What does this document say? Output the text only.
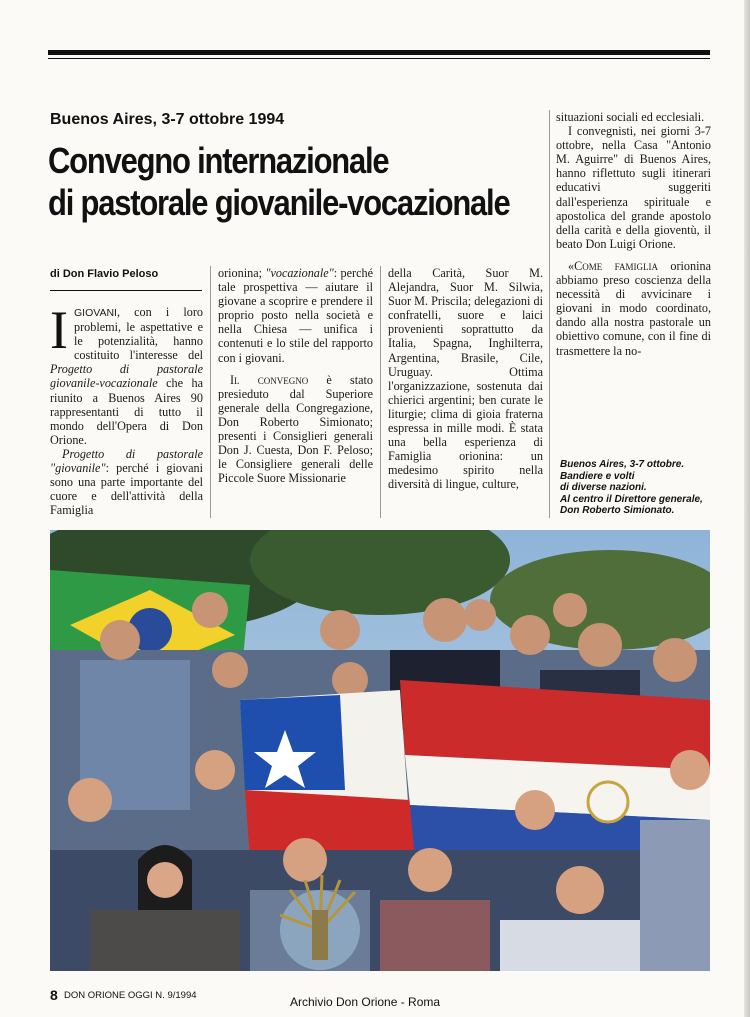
Buenos Aires, 3-7 ottobre 1994
Convegno internazionale
di pastorale giovanile-vocazionale
di Don Flavio Peloso

IGIOVANI, con i loro problemi, le aspettative e le potenzialità, hanno costituito l'interesse del Progetto di pastorale giovanile-vocazionale che ha riunito a Buenos Aires 90 rappresentanti di tutto il mondo dell'Opera di Don Orione.

Progetto di pastorale "giovanile": perché i giovani sono una parte importante del cuore e dell'attività della Famiglia

orionina; "vocazionale": perché tale prospettiva — aiutare il giovane a scoprire e prendere il proprio posto nella società e nella Chiesa — unifica i contenuti e lo stile del rapporto con i giovani.

Il convegno è stato presieduto dal Superiore generale della Congregazione, Don Roberto Simionato; presenti i Consiglieri generali Don J. Cuesta, Don F. Peloso; le Consigliere generali delle Piccole Suore Missionarie

della Carità, Suor M. Alejandra, Suor M. Silwia, Suor M. Priscila; delegazioni di confratelli, suore e laici provenienti soprattutto da Italia, Spagna, Inghilterra, Argentina, Brasile, Cile, Uruguay. Ottima l'organizzazione, sostenuta dai chierici argentini; ben curate le liturgie; clima di gioia fraterna espressa in mille modi. È stata una bella esperienza di Famiglia orionina: un medesimo spirito nella diversità di lingue, culture,

situazioni sociali ed ecclesiali.

I convegnisti, nei giorni 3-7 ottobre, nella Casa "Antonio M. Aguirre" di Buenos Aires, hanno riflettuto sugli itinerari educativi suggeriti dall'esperienza spirituale e apostolica del grande apostolo della carità e della gioventù, il beato Don Luigi Orione.

«Come famiglia orionina abbiamo preso coscienza della necessità di avvicinare i giovani in modo coordinato, dando alla nostra pastorale un obiettivo comune, con il fine di trasmettere la no-

Buenos Aires, 3-7 ottobre.
Bandiere e volti
di diverse nazioni.
Al centro il Direttore generale,
Don Roberto Simionato.
8 DON ORIONE OGGI N. 9/1994	Archivio Don Orione - Roma
